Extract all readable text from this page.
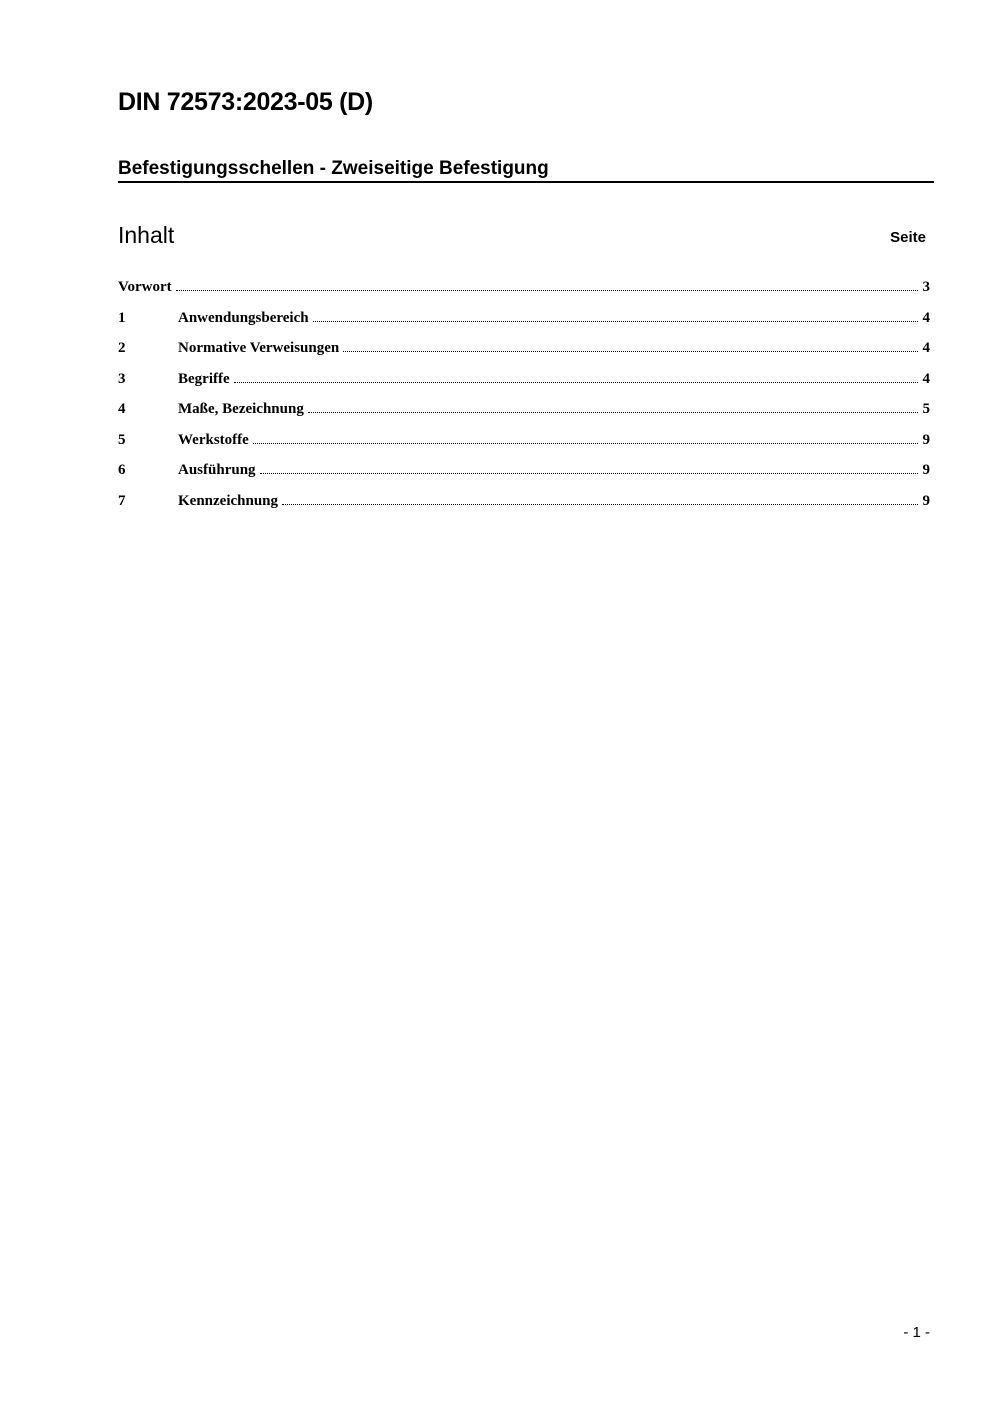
DIN 72573:2023-05 (D)
Befestigungsschellen - Zweiseitige Befestigung
Inhalt	Seite
Vorwort	3
1	Anwendungsbereich	4
2	Normative Verweisungen	4
3	Begriffe	4
4	Maße, Bezeichnung	5
5	Werkstoffe	9
6	Ausführung	9
7	Kennzeichnung	9
- 1 -
